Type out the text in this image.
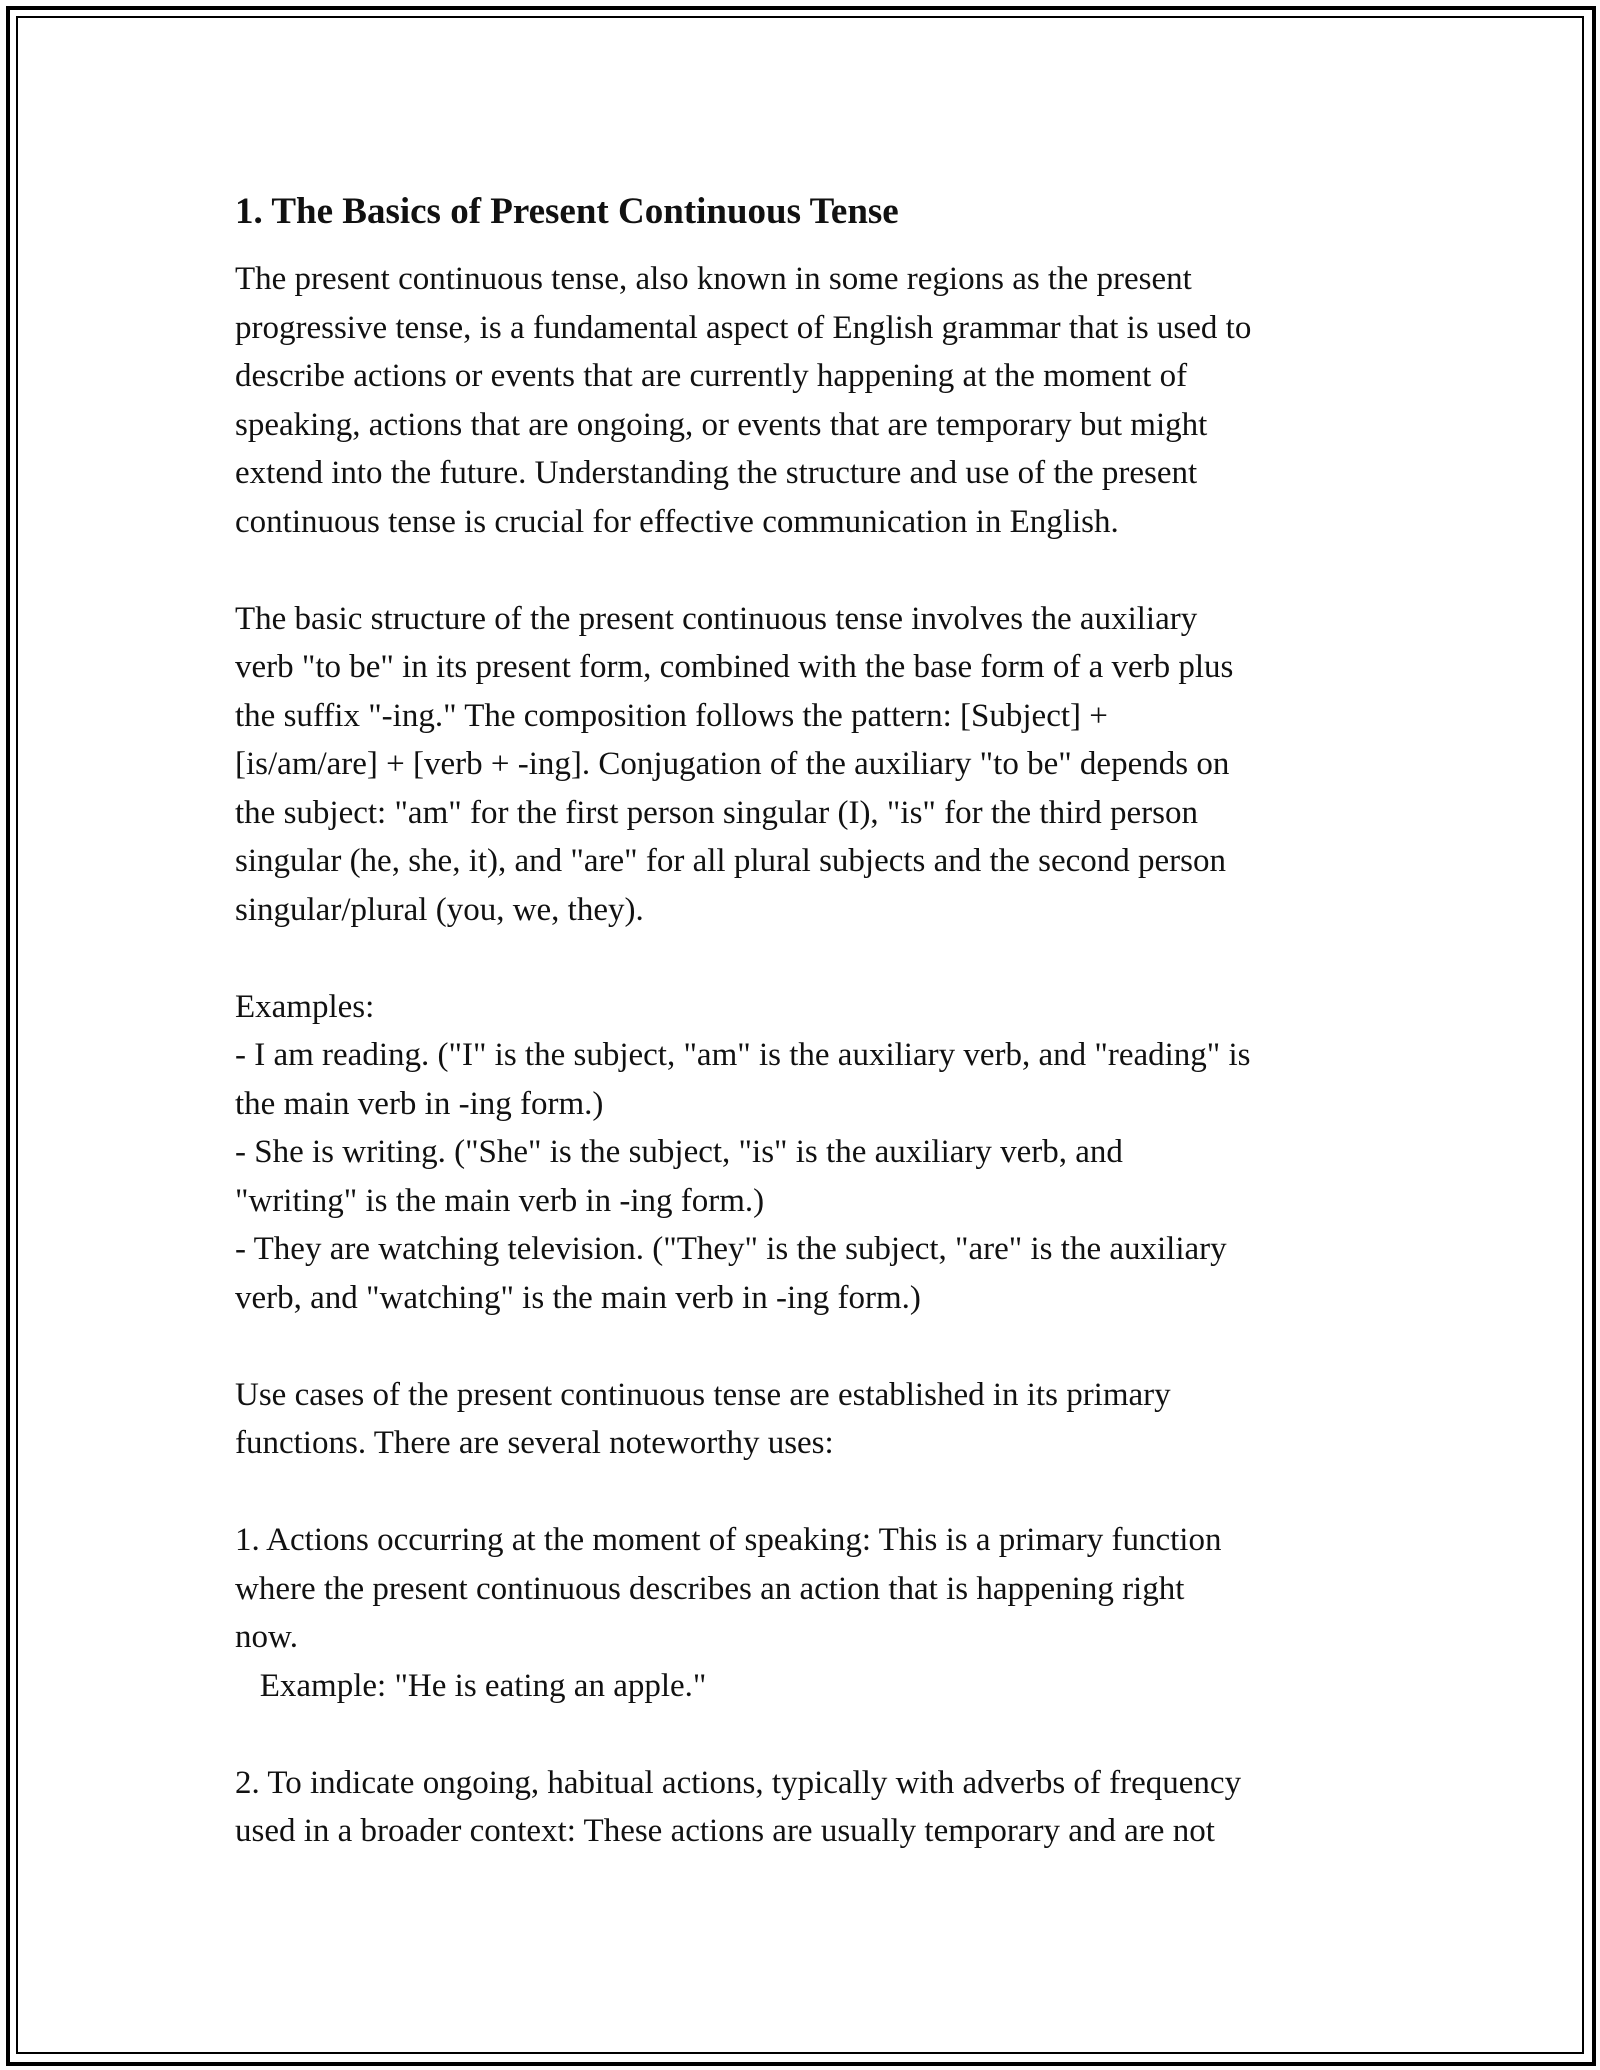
1. The Basics of Present Continuous Tense
The present continuous tense, also known in some regions as the present
progressive tense, is a fundamental aspect of English grammar that is used to
describe actions or events that are currently happening at the moment of
speaking, actions that are ongoing, or events that are temporary but might
extend into the future. Understanding the structure and use of the present
continuous tense is crucial for effective communication in English.

The basic structure of the present continuous tense involves the auxiliary
verb "to be" in its present form, combined with the base form of a verb plus
the suffix "-ing." The composition follows the pattern: [Subject] +
[is/am/are] + [verb + -ing]. Conjugation of the auxiliary "to be" depends on
the subject: "am" for the first person singular (I), "is" for the third person
singular (he, she, it), and "are" for all plural subjects and the second person
singular/plural (you, we, they).

Examples:
- I am reading. ("I" is the subject, "am" is the auxiliary verb, and "reading" is
the main verb in -ing form.)
- She is writing. ("She" is the subject, "is" is the auxiliary verb, and
"writing" is the main verb in -ing form.)
- They are watching television. ("They" is the subject, "are" is the auxiliary
verb, and "watching" is the main verb in -ing form.)

Use cases of the present continuous tense are established in its primary
functions. There are several noteworthy uses:

1. Actions occurring at the moment of speaking: This is a primary function
where the present continuous describes an action that is happening right
now.
Example: "He is eating an apple."

2. To indicate ongoing, habitual actions, typically with adverbs of frequency
used in a broader context: These actions are usually temporary and are not
